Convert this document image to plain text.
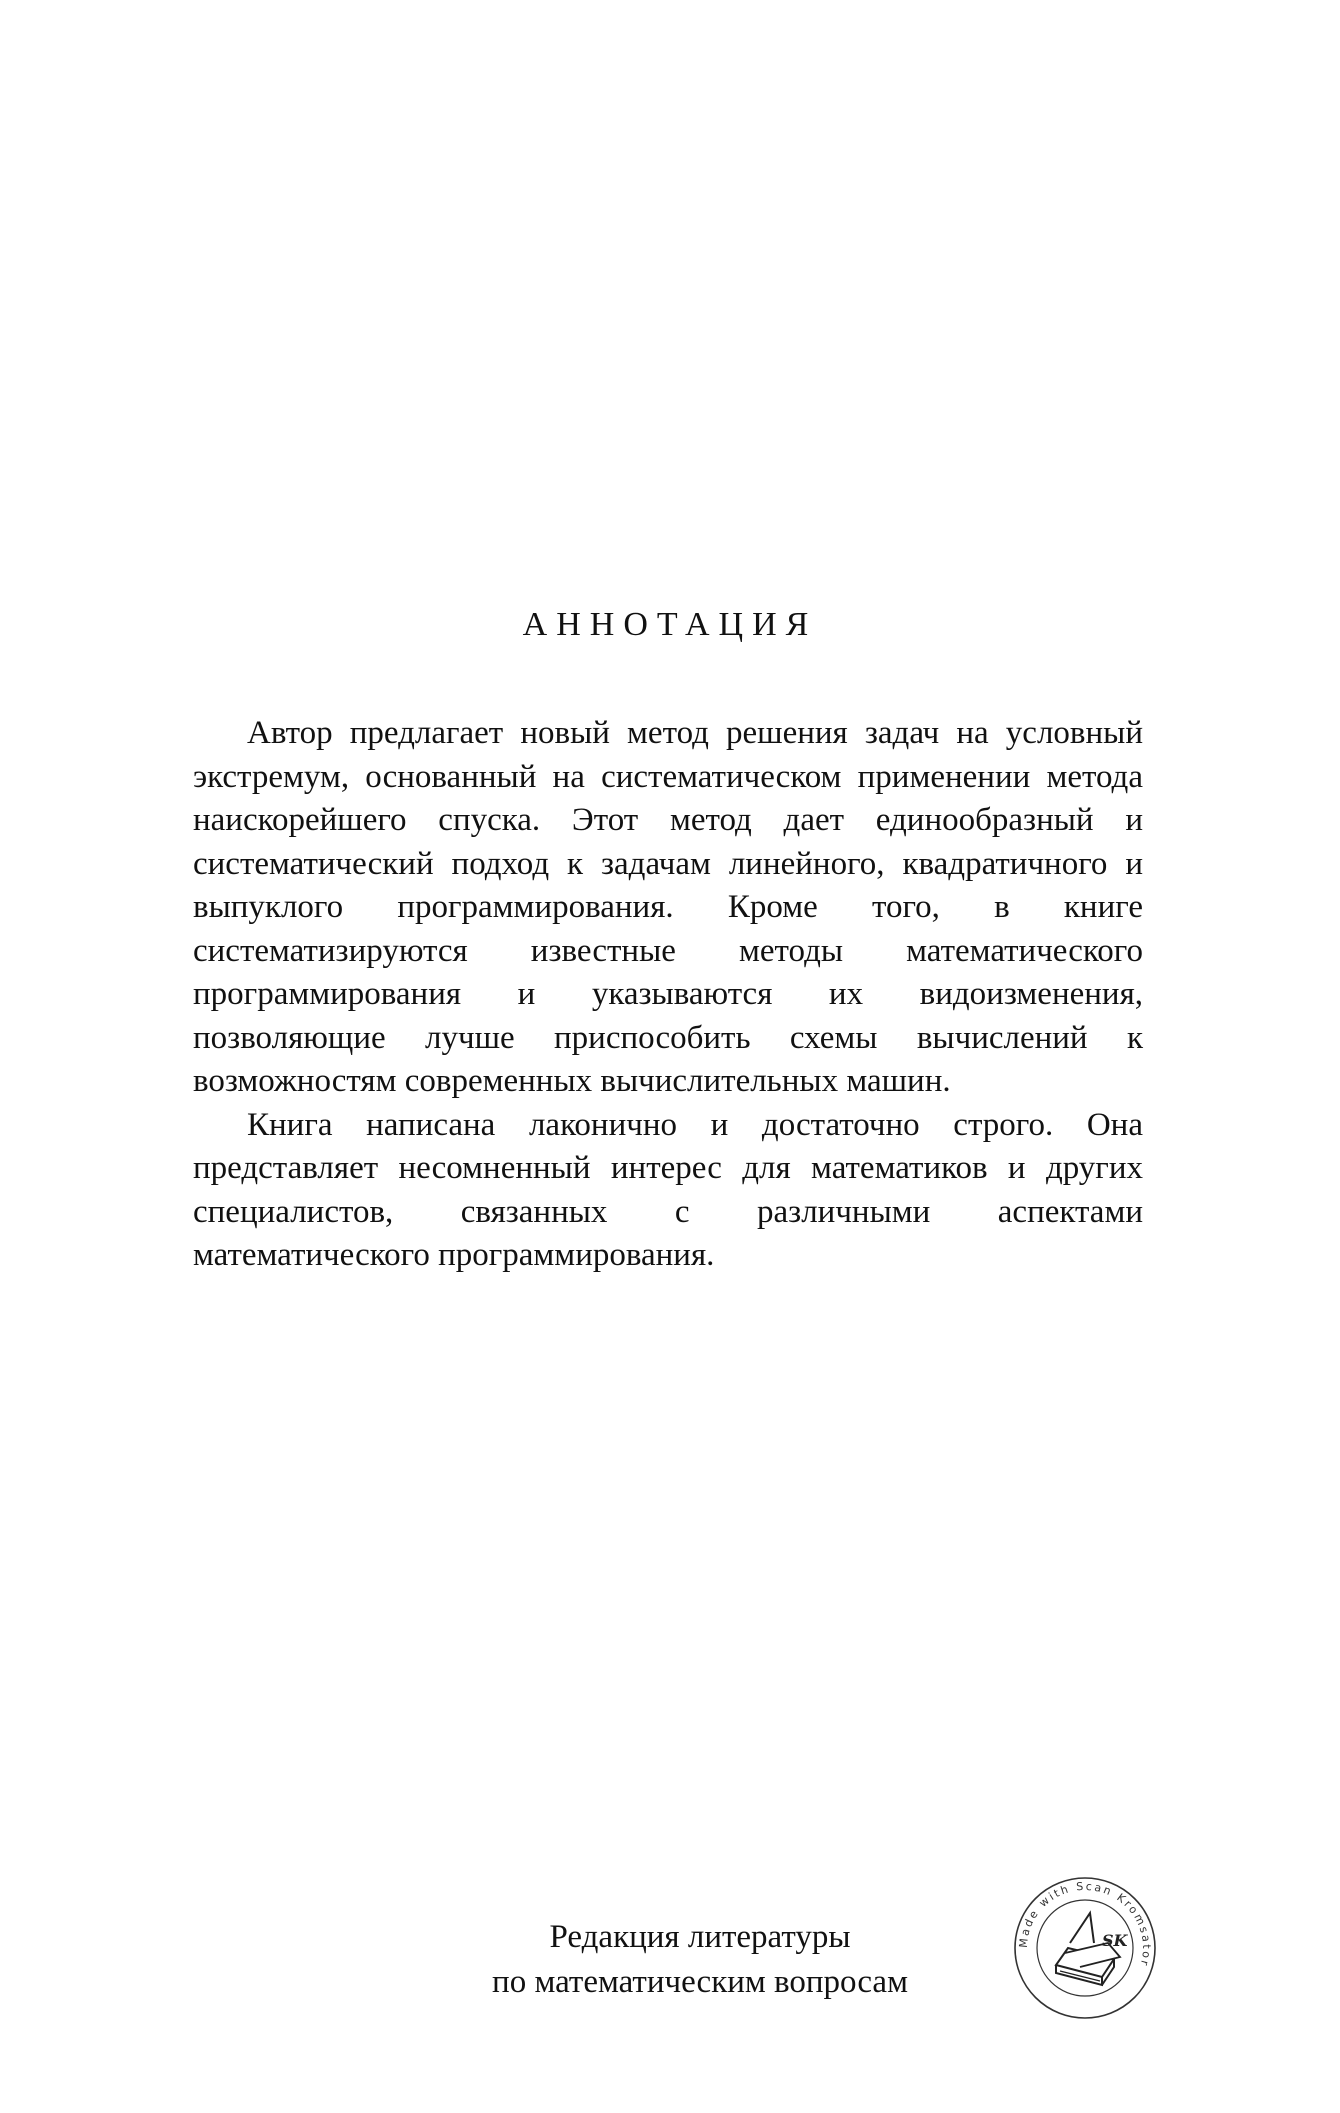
АННОТАЦИЯ

Автор предлагает новый метод решения задач на условный экстремум, основанный на систематическом применении метода наискорейшего спуска. Этот метод дает единообразный и систематический подход к задачам линейного, квадратичного и выпуклого программирования. Кроме того, в книге систематизируются известные методы математического программирования и указываются их видоизменения, позволяющие лучше приспособить схемы вычислений к возможностям современных вычислительных машин.

Книга написана лаконично и достаточно строго. Она представляет несомненный интерес для математиков и других специалистов, связанных с различными аспектами математического программирования.

Редакция литературы
по математическим вопросам
Made with Scan Kromsator
SK
